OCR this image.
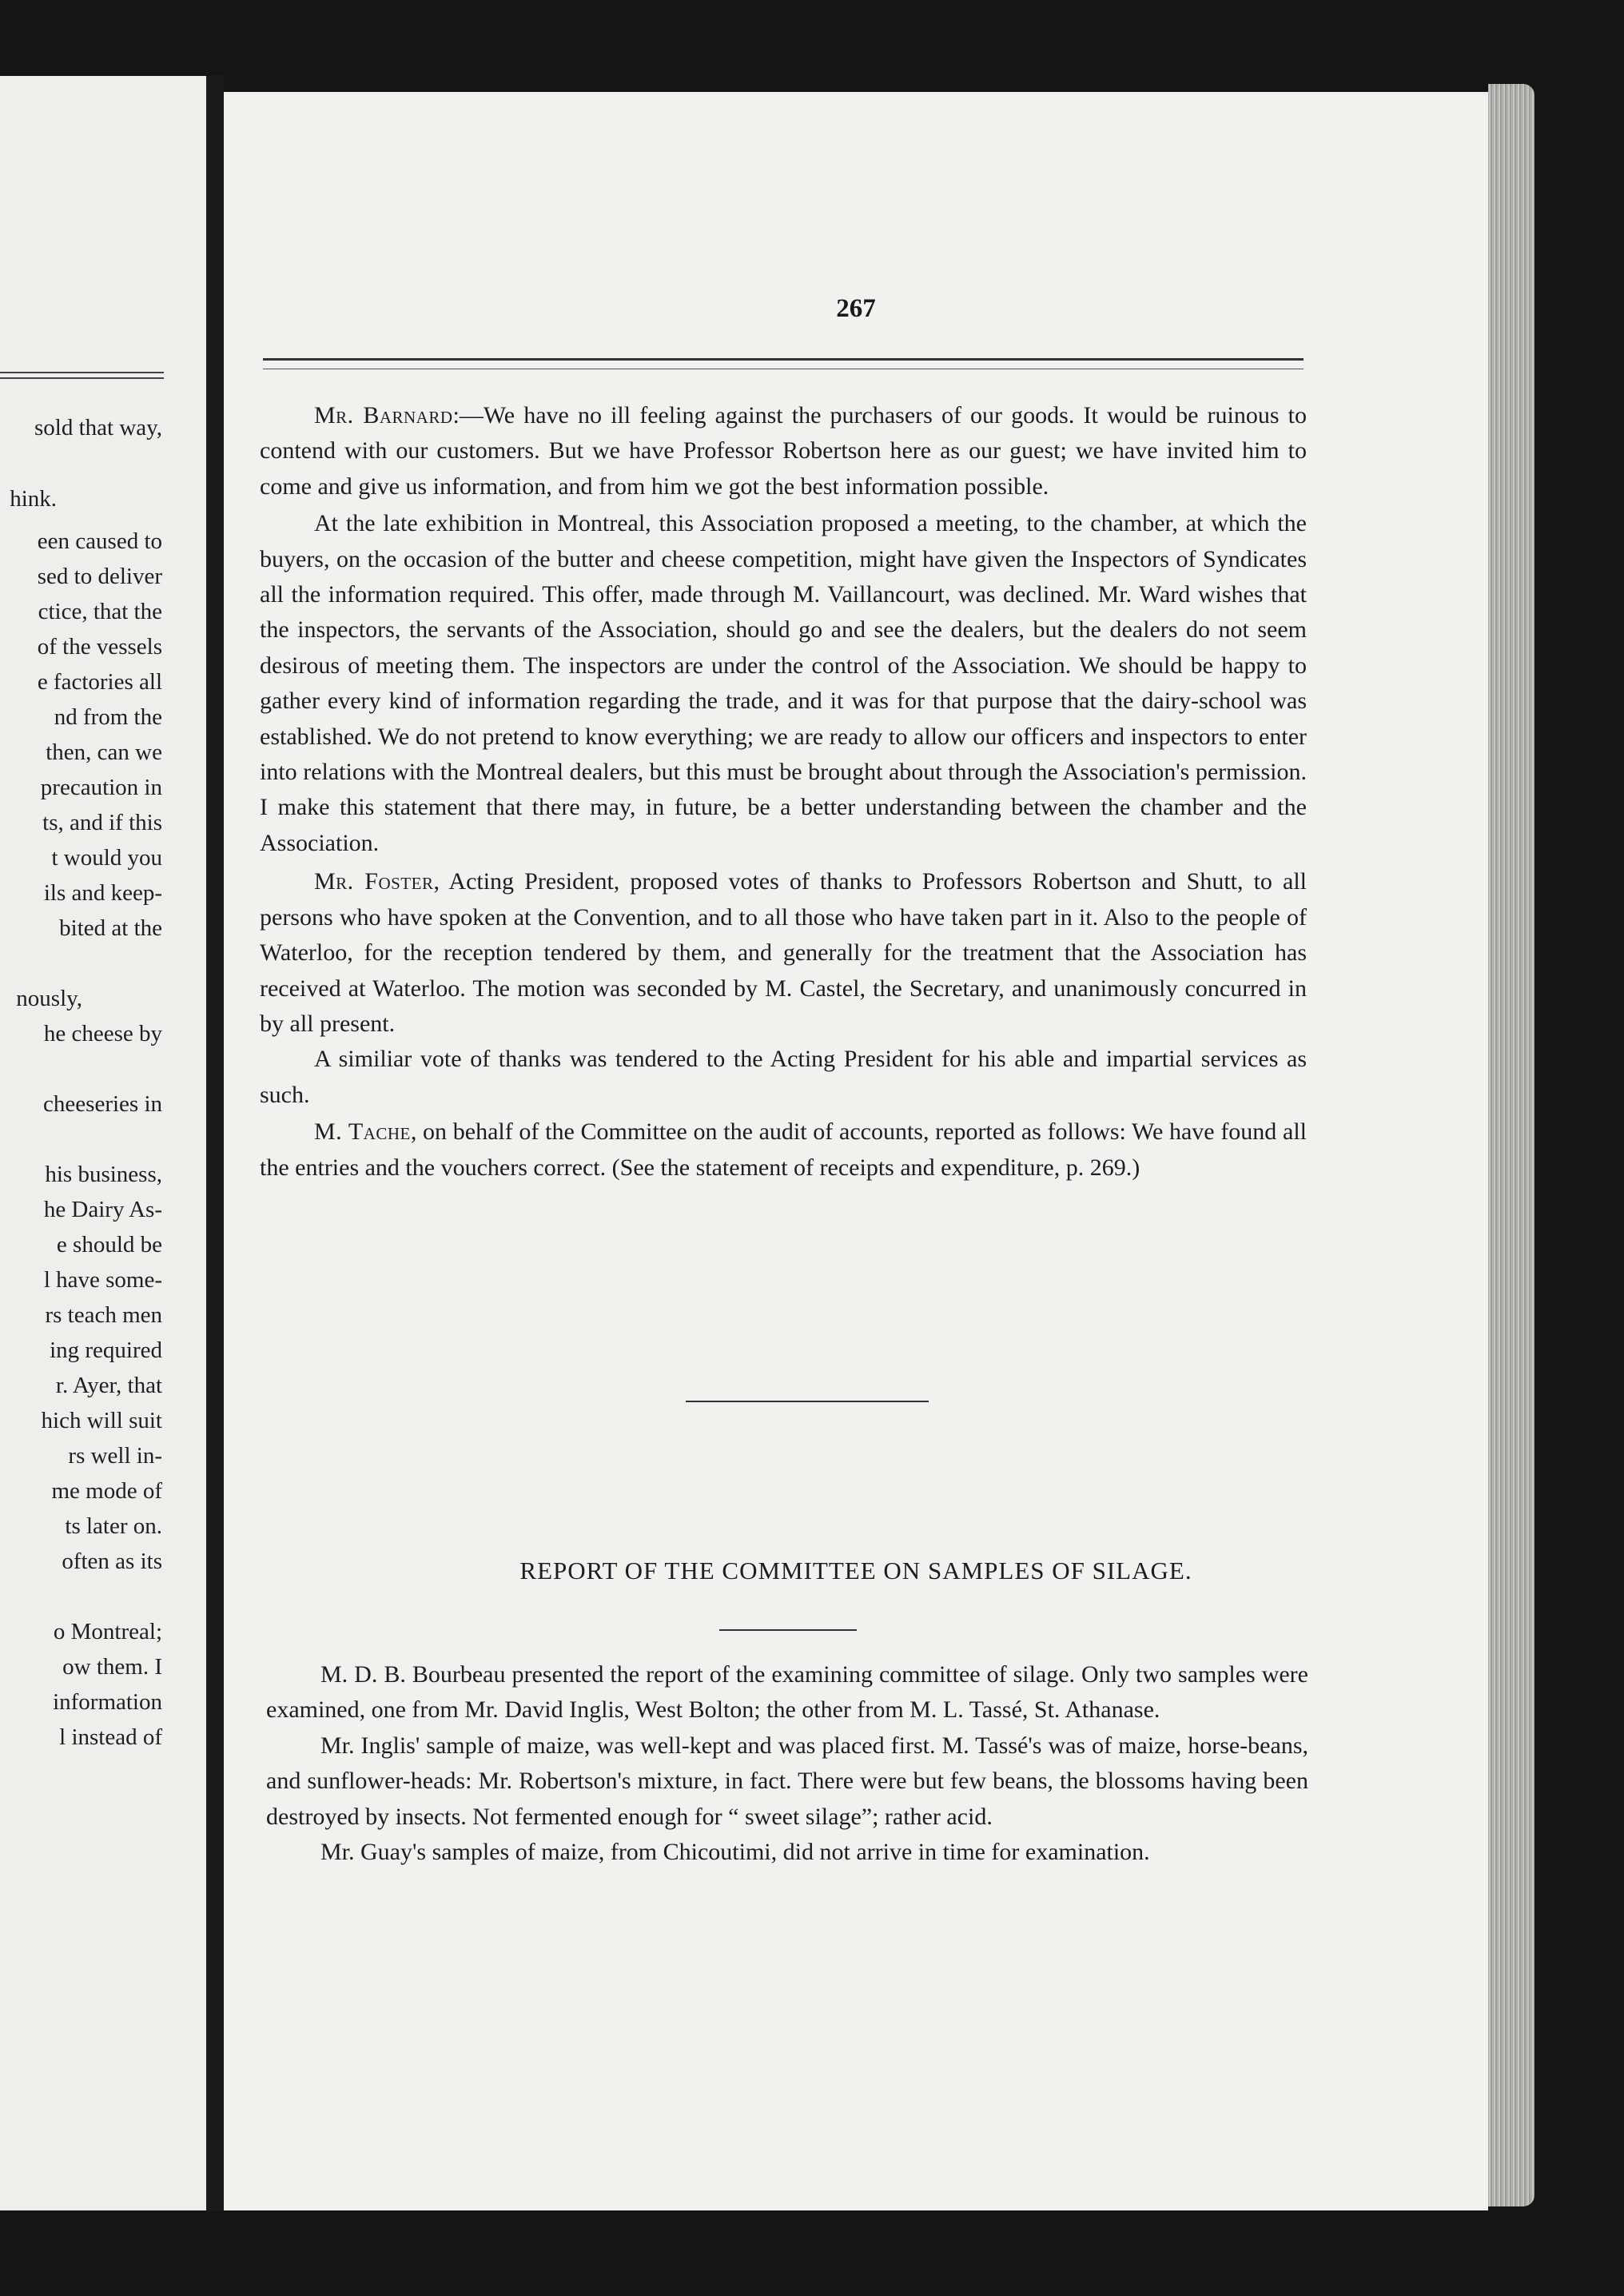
sold that way,
hink.
een caused to
sed to deliver
ctice, that the
of the vessels
e factories all
nd from the
then, can we
precaution in
ts, and if this
t would you
ils and keep-
bited at the
nously,
he cheese by
cheeseries in
his business,
he Dairy As-
e should be
l have some-
rs teach men
ing required
r. Ayer, that
hich will suit
rs well in-
me mode of
ts later on.
often as its
o Montreal;
ow them. I
information
l instead of
267

Mr. Barnard:—We have no ill feeling against the purchasers of our goods. It would be ruinous to contend with our customers. But we have Professor Robertson here as our guest; we have invited him to come and give us information, and from him we got the best information possible.

At the late exhibition in Montreal, this Association proposed a meeting, to the chamber, at which the buyers, on the occasion of the butter and cheese competition, might have given the Inspectors of Syndicates all the information required. This offer, made through M. Vaillancourt, was declined. Mr. Ward wishes that the inspectors, the servants of the Association, should go and see the dealers, but the dealers do not seem desirous of meeting them. The inspectors are under the control of the Association. We should be happy to gather every kind of information regarding the trade, and it was for that purpose that the dairy-school was established. We do not pretend to know everything; we are ready to allow our officers and inspectors to enter into relations with the Montreal dealers, but this must be brought about through the Association's permission. I make this statement that there may, in future, be a better understanding between the chamber and the Association.

Mr. Foster, Acting President, proposed votes of thanks to Professors Robertson and Shutt, to all persons who have spoken at the Convention, and to all those who have taken part in it. Also to the people of Waterloo, for the reception tendered by them, and generally for the treatment that the Association has received at Waterloo. The motion was seconded by M. Castel, the Secretary, and unanimously concurred in by all present.

A similiar vote of thanks was tendered to the Acting President for his able and impartial services as such.

M. Tache, on behalf of the Committee on the audit of accounts, reported as follows: We have found all the entries and the vouchers correct. (See the statement of receipts and expenditure, p. 269.)

REPORT OF THE COMMITTEE ON SAMPLES OF SILAGE.

M. D. B. Bourbeau presented the report of the examining committee of silage. Only two samples were examined, one from Mr. David Inglis, West Bolton; the other from M. L. Tassé, St. Athanase.

Mr. Inglis' sample of maize, was well-kept and was placed first. M. Tassé's was of maize, horse-beans, and sunflower-heads: Mr. Robertson's mixture, in fact. There were but few beans, the blossoms having been destroyed by insects. Not fermented enough for “ sweet silage”; rather acid.

Mr. Guay's samples of maize, from Chicoutimi, did not arrive in time for examination.
